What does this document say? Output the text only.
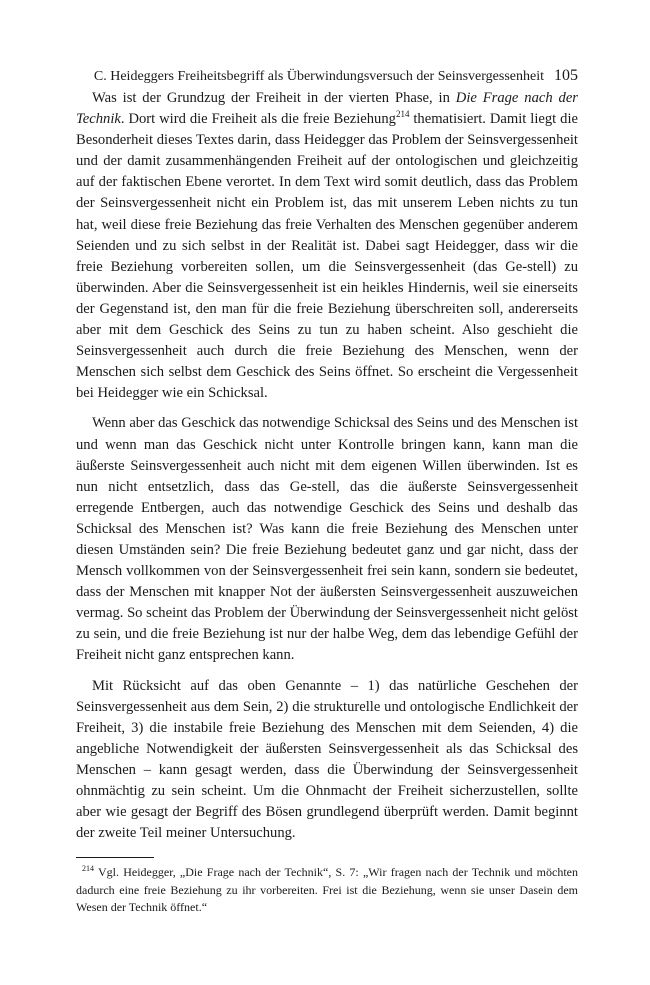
C. Heideggers Freiheitsbegriff als Überwindungsversuch der Seinsvergessenheit 105

Was ist der Grundzug der Freiheit in der vierten Phase, in Die Frage nach der Technik. Dort wird die Freiheit als die freie Beziehung$^{214}$ thematisiert. Damit liegt die Besonderheit dieses Textes darin, dass Heidegger das Problem der Seinsvergessenheit und der damit zusammenhängenden Freiheit auf der ontologischen und gleichzeitig auf der faktischen Ebene verortet. In dem Text wird somit deutlich, dass das Problem der Seinsvergessenheit nicht ein Problem ist, das mit unserem Leben nichts zu tun hat, weil diese freie Beziehung das freie Verhalten des Menschen gegenüber anderem Seienden und zu sich selbst in der Realität ist. Dabei sagt Heidegger, dass wir die freie Beziehung vorbereiten sollen, um die Seinsvergessenheit (das Ge-stell) zu überwinden. Aber die Seinsvergessenheit ist ein heikles Hindernis, weil sie einerseits der Gegenstand ist, den man für die freie Beziehung überschreiten soll, andererseits aber mit dem Geschick des Seins zu tun zu haben scheint. Also geschieht die Seinsvergessenheit auch durch die freie Beziehung des Menschen, wenn der Menschen sich selbst dem Geschick des Seins öffnet. So erscheint die Vergessenheit bei Heidegger wie ein Schicksal.

Wenn aber das Geschick das notwendige Schicksal des Seins und des Menschen ist und wenn man das Geschick nicht unter Kontrolle bringen kann, kann man die äußerste Seinsvergessenheit auch nicht mit dem eigenen Willen überwinden. Ist es nun nicht entsetzlich, dass das Ge-stell, das die äußerste Seinsvergessenheit erregende Entbergen, auch das notwendige Geschick des Seins und deshalb das Schicksal des Menschen ist? Was kann die freie Beziehung des Menschen unter diesen Umständen sein? Die freie Beziehung bedeutet ganz und gar nicht, dass der Mensch vollkommen von der Seinsvergessenheit frei sein kann, sondern sie bedeutet, dass der Menschen mit knapper Not der äußersten Seinsvergessenheit auszuweichen vermag. So scheint das Problem der Überwindung der Seinsvergessenheit nicht gelöst zu sein, und die freie Beziehung ist nur der halbe Weg, dem das lebendige Gefühl der Freiheit nicht ganz entsprechen kann.

Mit Rücksicht auf das oben Genannte – 1) das natürliche Geschehen der Seinsvergessenheit aus dem Sein, 2) die strukturelle und ontologische Endlichkeit der Freiheit, 3) die instabile freie Beziehung des Menschen mit dem Seienden, 4) die angebliche Notwendigkeit der äußersten Seinsvergessenheit als das Schicksal des Menschen – kann gesagt werden, dass die Überwindung der Seinsvergessenheit ohnmächtig zu sein scheint. Um die Ohnmacht der Freiheit sicherzustellen, sollte aber wie gesagt der Begriff des Bösen grundlegend überprüft werden. Damit beginnt der zweite Teil meiner Untersuchung.

$^{214}$ Vgl. Heidegger, „Die Frage nach der Technik“, S. 7: „Wir fragen nach der Technik und möchten dadurch eine freie Beziehung zu ihr vorbereiten. Frei ist die Beziehung, wenn sie unser Dasein dem Wesen der Technik öffnet.“
